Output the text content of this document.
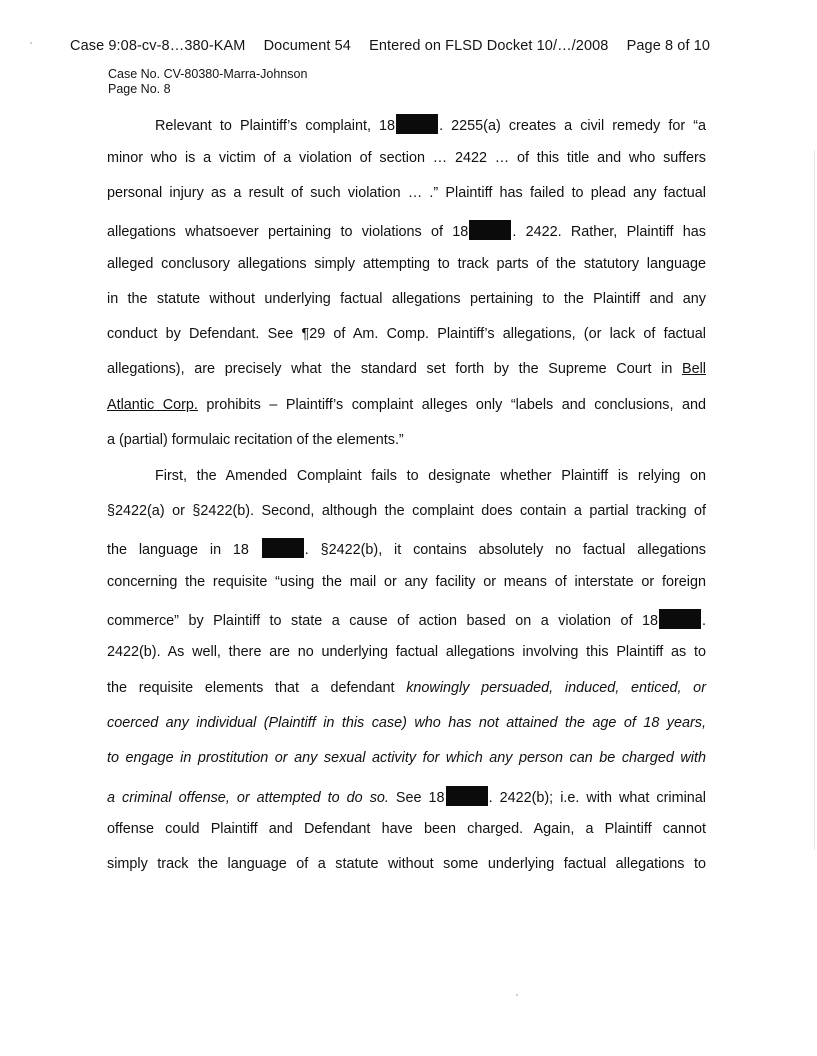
Case 9:08-cv-8…380-KAM Document 54 Entered on FLSD Docket 10/…/2008 Page 8 of 10
Case No. CV-80380-Marra-Johnson
Page No. 8
Relevant to Plaintiff’s complaint, 18	. 2255(a) creates a civil remedy for “a
minor who is a victim of a violation of section … 2422 … of this title and who suffers
personal injury as a result of such violation … .” Plaintiff has failed to plead any factual
allegations whatsoever pertaining to violations of 18	. 2422. Rather, Plaintiff has
alleged conclusory allegations simply attempting to track parts of the statutory language
in the statute without underlying factual allegations pertaining to the Plaintiff and any
conduct by Defendant. See ¶29 of Am. Comp. Plaintiff’s allegations, (or lack of factual
allegations), are precisely what the standard set forth by the Supreme Court in Bell
Atlantic Corp. prohibits – Plaintiff’s complaint alleges only “labels and conclusions, and
a (partial) formulaic recitation of the elements.”
First, the Amended Complaint fails to designate whether Plaintiff is relying on
§2422(a) or §2422(b). Second, although the complaint does contain a partial tracking of
the language in 18	. §2422(b), it contains absolutely no factual allegations
concerning the requisite “using the mail or any facility or means of interstate or foreign
commerce” by Plaintiff to state a cause of action based on a violation of 18	.
2422(b). As well, there are no underlying factual allegations involving this Plaintiff as to
the requisite elements that a defendant knowingly persuaded, induced, enticed, or
coerced any individual (Plaintiff in this case) who has not attained the age of 18 years,
to engage in prostitution or any sexual activity for which any person can be charged with
a criminal offense, or attempted to do so. See 18	. 2422(b); i.e. with what criminal
offense could Plaintiff and Defendant have been charged. Again, a Plaintiff cannot
simply track the language of a statute without some underlying factual allegations to
